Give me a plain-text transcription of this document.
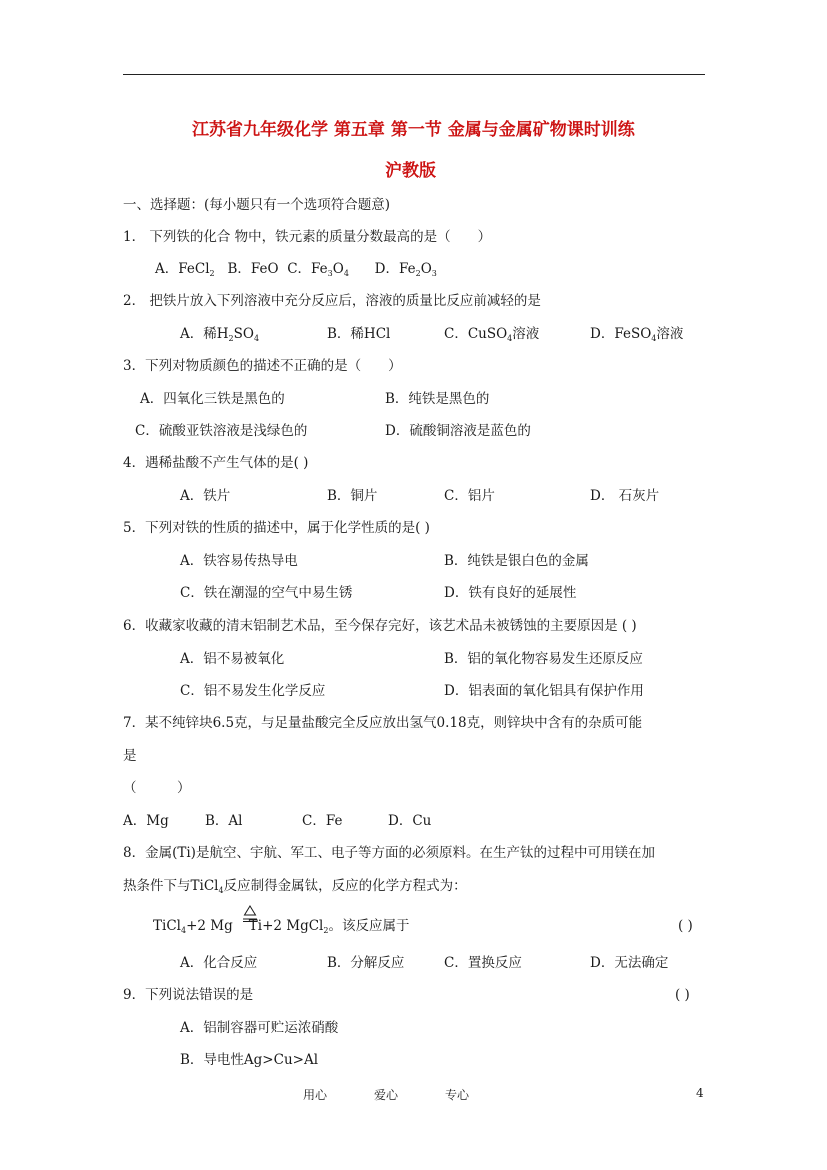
江苏省九年级化学 第五章 第一节 金属与金属矿物课时训练
沪教版
一、选择题：(每小题只有一个选项符合题意)
1． 下列铁的化合 物中，铁元素的质量分数最高的是（　　）
A．FeCl$_2$ B．FeO C．$Fe_3O_4$ D．$Fe_2O_3$
2． 把铁片放入下列溶液中充分反应后，溶液的质量比反应前减轻的是
A．稀$H_2SO_4$	B．稀HCl	C．CuSO$_4$溶液	D．FeSO$_4$溶液
3．下列对物质颜色的描述不正确的是（　　）
A．四氧化三铁是黑色的	B．纯铁是黑色的
C．硫酸亚铁溶液是浅绿色的	D．硫酸铜溶液是蓝色的
4．遇稀盐酸不产生气体的是( )
A．铁片	B．铜片	C．铝片	D． 石灰片
5．下列对铁的性质的描述中，属于化学性质的是( )
A．铁容易传热导电	B．纯铁是银白色的金属
C．铁在潮湿的空气中易生锈	D．铁有良好的延展性
6．收藏家收藏的清末铝制艺术品，至今保存完好，该艺术品未被锈蚀的主要原因是 ( )
A．铝不易被氧化	B．铝的氧化物容易发生还原反应
C．铝不易发生化学反应	D．铝表面的氧化铝具有保护作用
7．某不纯锌块6.5克，与足量盐酸完全反应放出氢气0.18克，则锌块中含有的杂质可能
是
（　　　）
A．Mg	B．Al	C．Fe	D．Cu
8．金属(Ti)是航空、宇航、军工、电子等方面的必须原料。在生产钛的过程中可用镁在加
热条件下与TiCl$_4$反应制得金属钛，反应的化学方程式为：
TiCl$_4$+2 Mg Ti+2 MgCl$_2$。该反应属于	( )
A．化合反应	B．分解反应	C．置换反应	D．无法确定
9．下列说法错误的是	( )
A．铝制容器可贮运浓硝酸
B．导电性Ag>Cu>Al
用心	爱心	专心	4
